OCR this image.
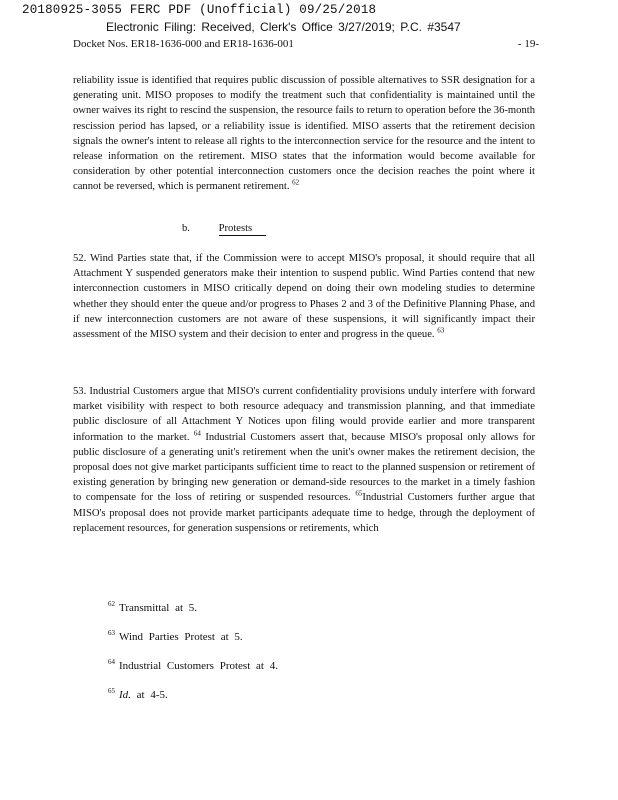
20180925-3055 FERC PDF (Unofficial) 09/25/2018
Electronic Filing: Received, Clerk's Office 3/27/2019; P.C. #3547
Docket Nos. ER18-1636-000 and ER18-1636-001	- 19-
reliability issue is identified that requires public discussion of possible alternatives to SSR designation for a generating unit. MISO proposes to modify the treatment such that confidentiality is maintained until the owner waives its right to rescind the suspension, the resource fails to return to operation before the 36-month rescission period has lapsed, or a reliability issue is identified. MISO asserts that the retirement decision signals the owner's intent to release all rights to the interconnection service for the resource and the intent to release information on the retirement. MISO states that the information would become available for consideration by other potential interconnection customers once the decision reaches the point where it cannot be reversed, which is permanent retirement. $^{62}$
b.	Protests
52. Wind Parties state that, if the Commission were to accept MISO's proposal, it should require that all Attachment Y suspended generators make their intention to suspend public. Wind Parties contend that new interconnection customers in MISO critically depend on doing their own modeling studies to determine whether they should enter the queue and/or progress to Phases 2 and 3 of the Definitive Planning Phase, and if new interconnection customers are not aware of these suspensions, it will significantly impact their assessment of the MISO system and their decision to enter and progress in the queue. $^{63}$
53. Industrial Customers argue that MISO's current confidentiality provisions unduly interfere with forward market visibility with respect to both resource adequacy and transmission planning, and that immediate public disclosure of all Attachment Y Notices upon filing would provide earlier and more transparent information to the market. $^{64}$ Industrial Customers assert that, because MISO's proposal only allows for public disclosure of a generating unit's retirement when the unit's owner makes the retirement decision, the proposal does not give market participants sufficient time to react to the planned suspension or retirement of existing generation by bringing new generation or demand-side resources to the market in a timely fashion to compensate for the loss of retiring or suspended resources. $^{65}$Industrial Customers further argue that MISO's proposal does not provide market participants adequate time to hedge, through the deployment of replacement resources, for generation suspensions or retirements, which
$^{62}$ Transmittal at 5.
$^{63}$ Wind Parties Protest at 5.
$^{64}$ Industrial Customers Protest at 4.
$^{65}$ Id. at 4-5.
